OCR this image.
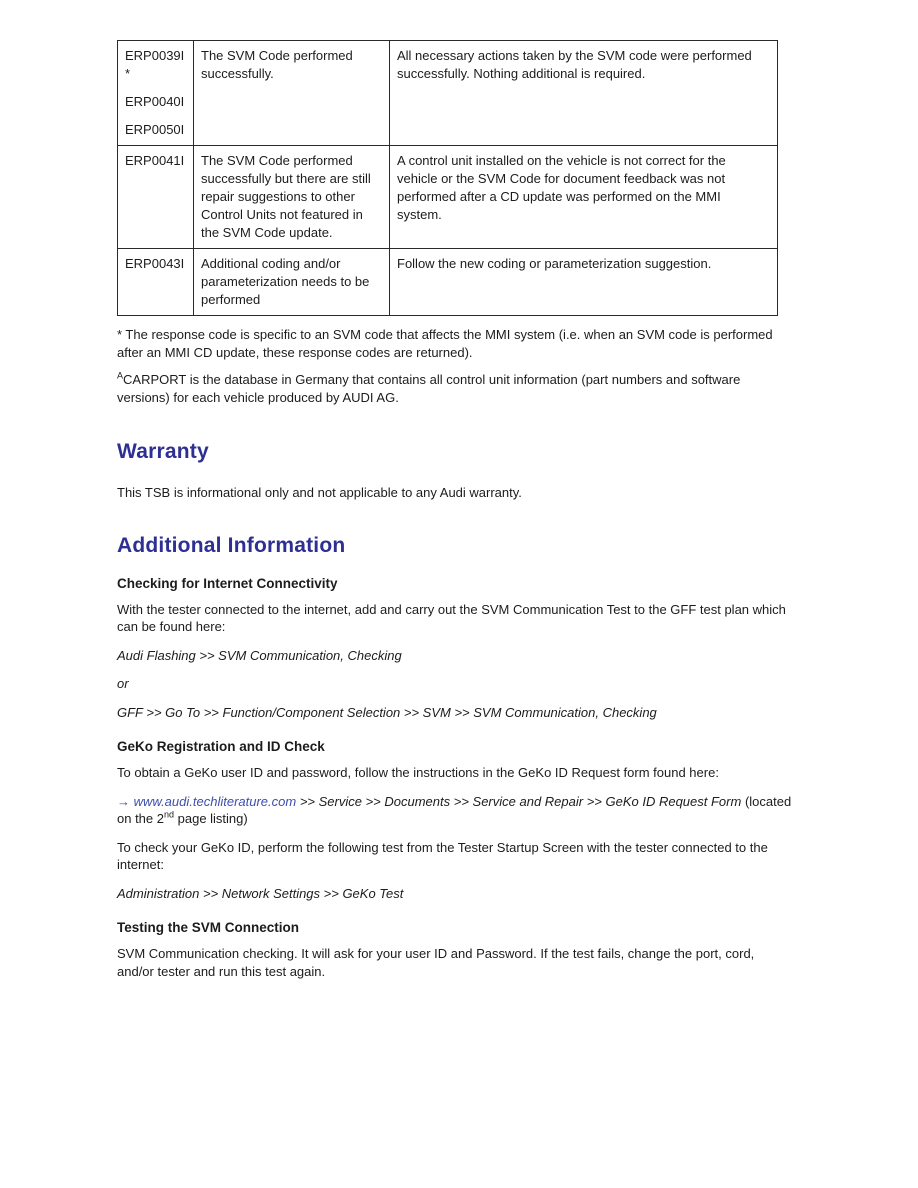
ERP0039I
*
ERP0040I
ERP0050I	The SVM Code performed successfully.	All necessary actions taken by the SVM code were performed successfully. Nothing additional is required.

ERP0041I	The SVM Code performed successfully but there are still repair suggestions to other Control Units not featured in the SVM Code update.	A control unit installed on the vehicle is not correct for the vehicle or the SVM Code for document feedback was not performed after a CD update was performed on the MMI system.

ERP0043I	Additional coding and/or parameterization needs to be performed	Follow the new coding or parameterization suggestion.
* The response code is specific to an SVM code that affects the MMI system (i.e. when an SVM code is performed after an MMI CD update, these response codes are returned).
$^A$CARPORT is the database in Germany that contains all control unit information (part numbers and software versions) for each vehicle produced by AUDI AG.
Warranty

This TSB is informational only and not applicable to any Audi warranty.

Additional Information
Checking for Internet Connectivity

With the tester connected to the internet, add and carry out the SVM Communication Test to the GFF test plan which can be found here:

Audi Flashing >> SVM Communication, Checking

or

GFF >> Go To >> Function/Component Selection >> SVM >> SVM Communication, Checking

GeKo Registration and ID Check

To obtain a GeKo user ID and password, follow the instructions in the GeKo ID Request form found here:

→ www.audi.techliterature.com >> Service >> Documents >> Service and Repair >> GeKo ID Request Form (located on the 2nd page listing)

To check your GeKo ID, perform the following test from the Tester Startup Screen with the tester connected to the internet:

Administration >> Network Settings >> GeKo Test

Testing the SVM Connection

SVM Communication checking. It will ask for your user ID and Password. If the test fails, change the port, cord, and/or tester and run this test again.
